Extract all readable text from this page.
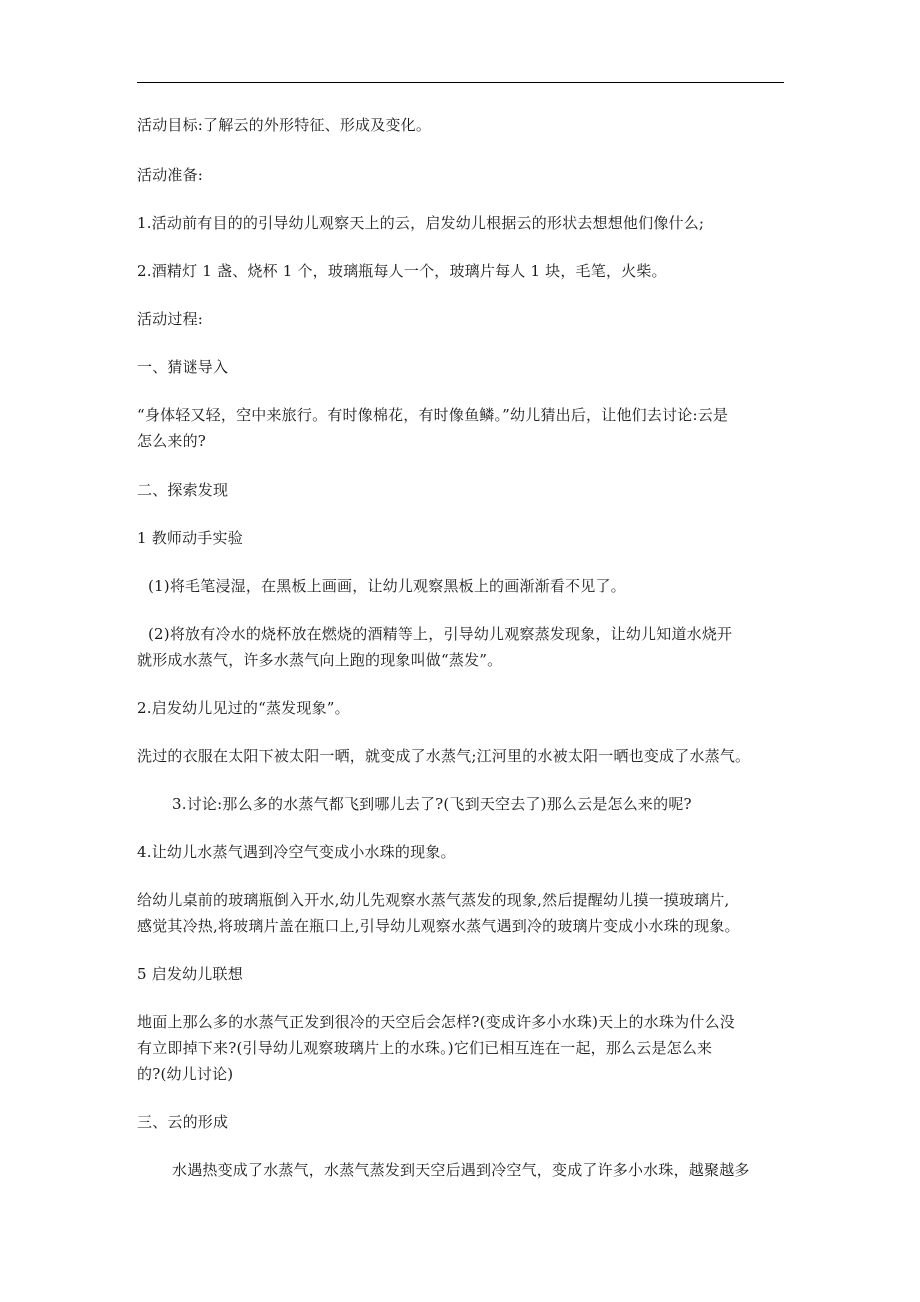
活动目标:了解云的外形特征、形成及变化。
活动准备:
1.活动前有目的的引导幼儿观察天上的云，启发幼儿根据云的形状去想想他们像什么;
2.酒精灯 1 盏、烧杯 1 个，玻璃瓶每人一个，玻璃片每人 1 块，毛笔，火柴。
活动过程:
一、猜谜导入
“身体轻又轻，空中来旅行。有时像棉花，有时像鱼鳞。”幼儿猜出后，让他们去讨论:云是
怎么来的?
二、探索发现
1 教师动手实验
(1)将毛笔浸湿，在黑板上画画，让幼儿观察黑板上的画渐渐看不见了。
(2)将放有冷水的烧杯放在燃烧的酒精等上，引导幼儿观察蒸发现象，让幼儿知道水烧开
就形成水蒸气，许多水蒸气向上跑的现象叫做“蒸发”。
2.启发幼儿见过的“蒸发现象”。
洗过的衣服在太阳下被太阳一晒，就变成了水蒸气;江河里的水被太阳一晒也变成了水蒸气。
3.讨论:那么多的水蒸气都飞到哪儿去了?(飞到天空去了)那么云是怎么来的呢?
4.让幼儿水蒸气遇到冷空气变成小水珠的现象。
给幼儿桌前的玻璃瓶倒入开水,幼儿先观察水蒸气蒸发的现象,然后提醒幼儿摸一摸玻璃片,
感觉其冷热,将玻璃片盖在瓶口上,引导幼儿观察水蒸气遇到冷的玻璃片变成小水珠的现象。
5 启发幼儿联想
地面上那么多的水蒸气正发到很冷的天空后会怎样?(变成许多小水珠)天上的水珠为什么没
有立即掉下来?(引导幼儿观察玻璃片上的水珠。)它们已相互连在一起，那么云是怎么来
的?(幼儿讨论)
三、云的形成
水遇热变成了水蒸气，水蒸气蒸发到天空后遇到冷空气，变成了许多小水珠，越聚越多
